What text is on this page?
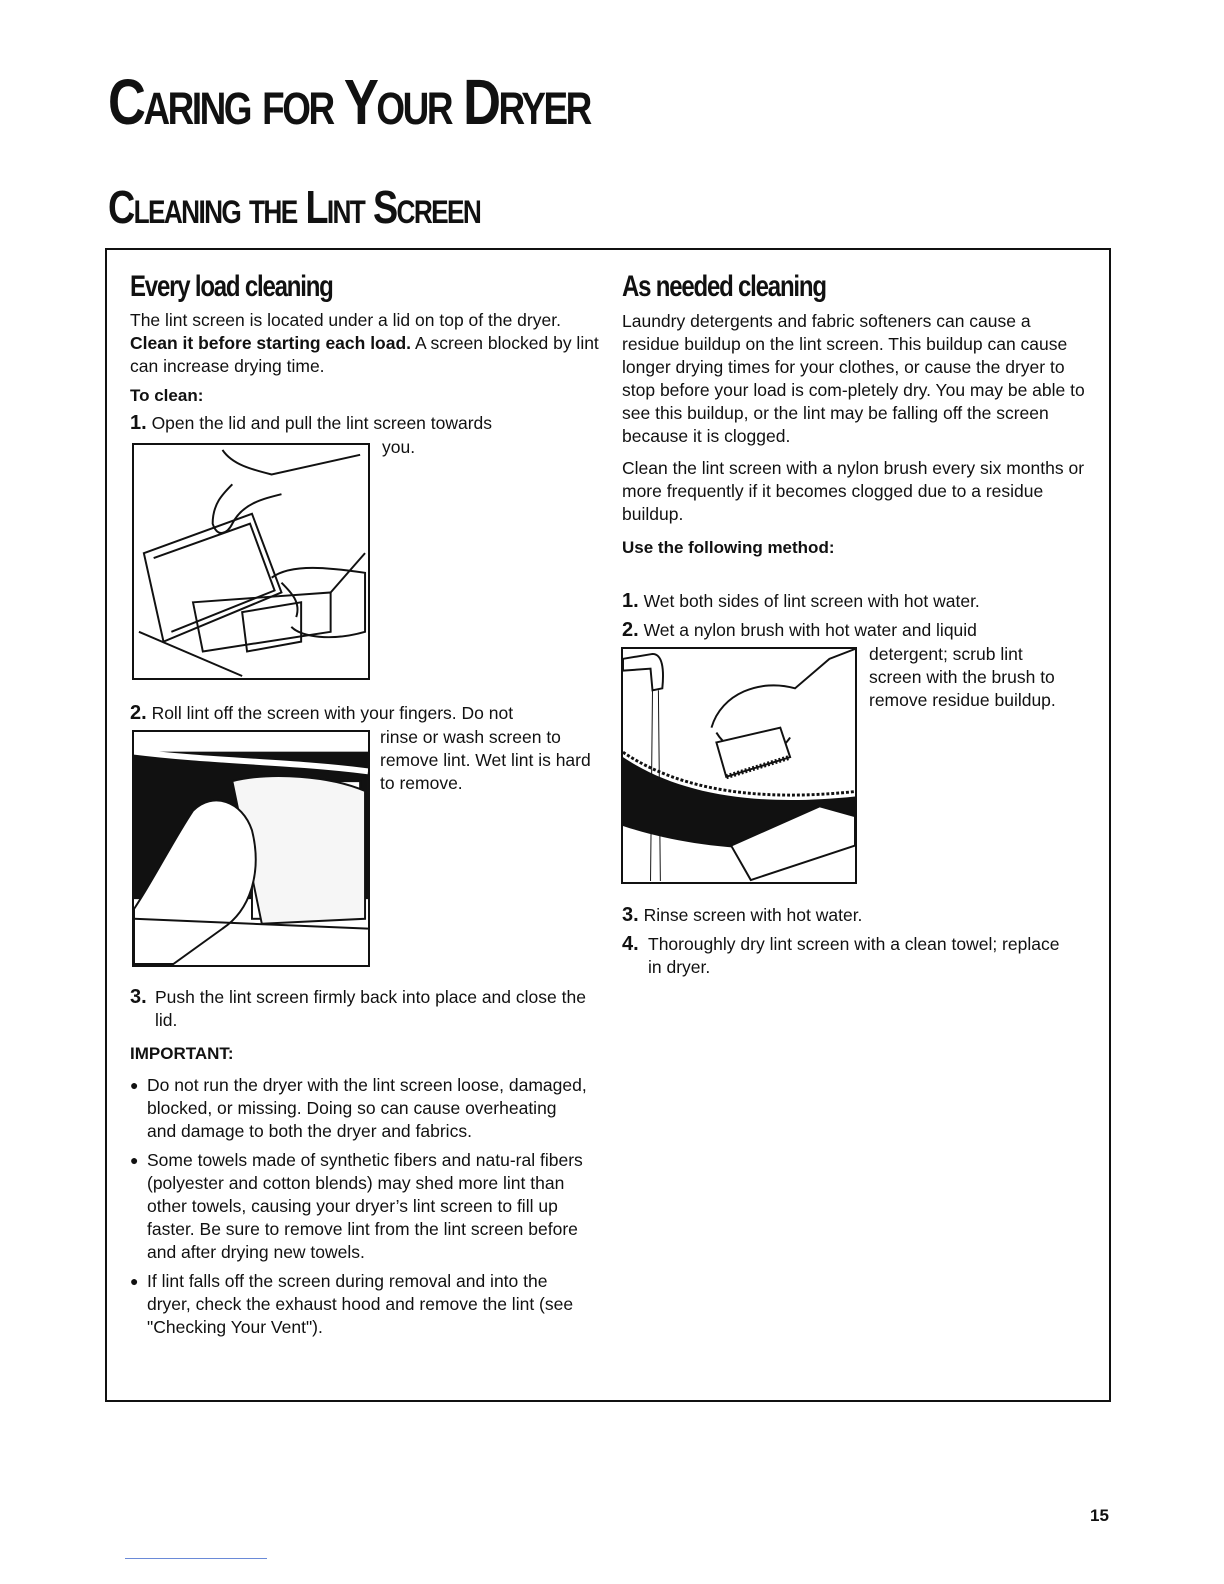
Caring for Your Dryer
Cleaning the Lint Screen

Every load cleaning

The lint screen is located under a lid on top of the dryer. Clean it before starting each load. A screen blocked by lint can increase drying time.

To clean:

1. Open the lid and pull the lint screen towards
you.
2. Roll lint off the screen with your fingers. Do not
rinse or wash screen to remove lint. Wet lint is hard to remove.
3. Push the lint screen firmly back into place and close the lid.

IMPORTANT:

● Do not run the dryer with the lint screen loose, damaged, blocked, or missing. Doing so can cause overheating and damage to both the dryer and fabrics.
● Some towels made of synthetic fibers and natu-ral fibers (polyester and cotton blends) may shed more lint than other towels, causing your dryer’s lint screen to fill up faster. Be sure to remove lint from the lint screen before and after drying new towels.
● If lint falls off the screen during removal and into the dryer, check the exhaust hood and remove the lint (see "Checking Your Vent").

As needed cleaning

Laundry detergents and fabric softeners can cause a residue buildup on the lint screen. This buildup can cause longer drying times for your clothes, or cause the dryer to stop before your load is com-pletely dry. You may be able to see this buildup, or the lint may be falling off the screen because it is clogged.

Clean the lint screen with a nylon brush every six months or more frequently if it becomes clogged due to a residue buildup.

Use the following method:

1. Wet both sides of lint screen with hot water.
2. Wet a nylon brush with hot water and liquid
detergent; scrub lint screen with the brush to remove residue buildup.
3. Rinse screen with hot water.
4. Thoroughly dry lint screen with a clean towel; replace in dryer.
15
